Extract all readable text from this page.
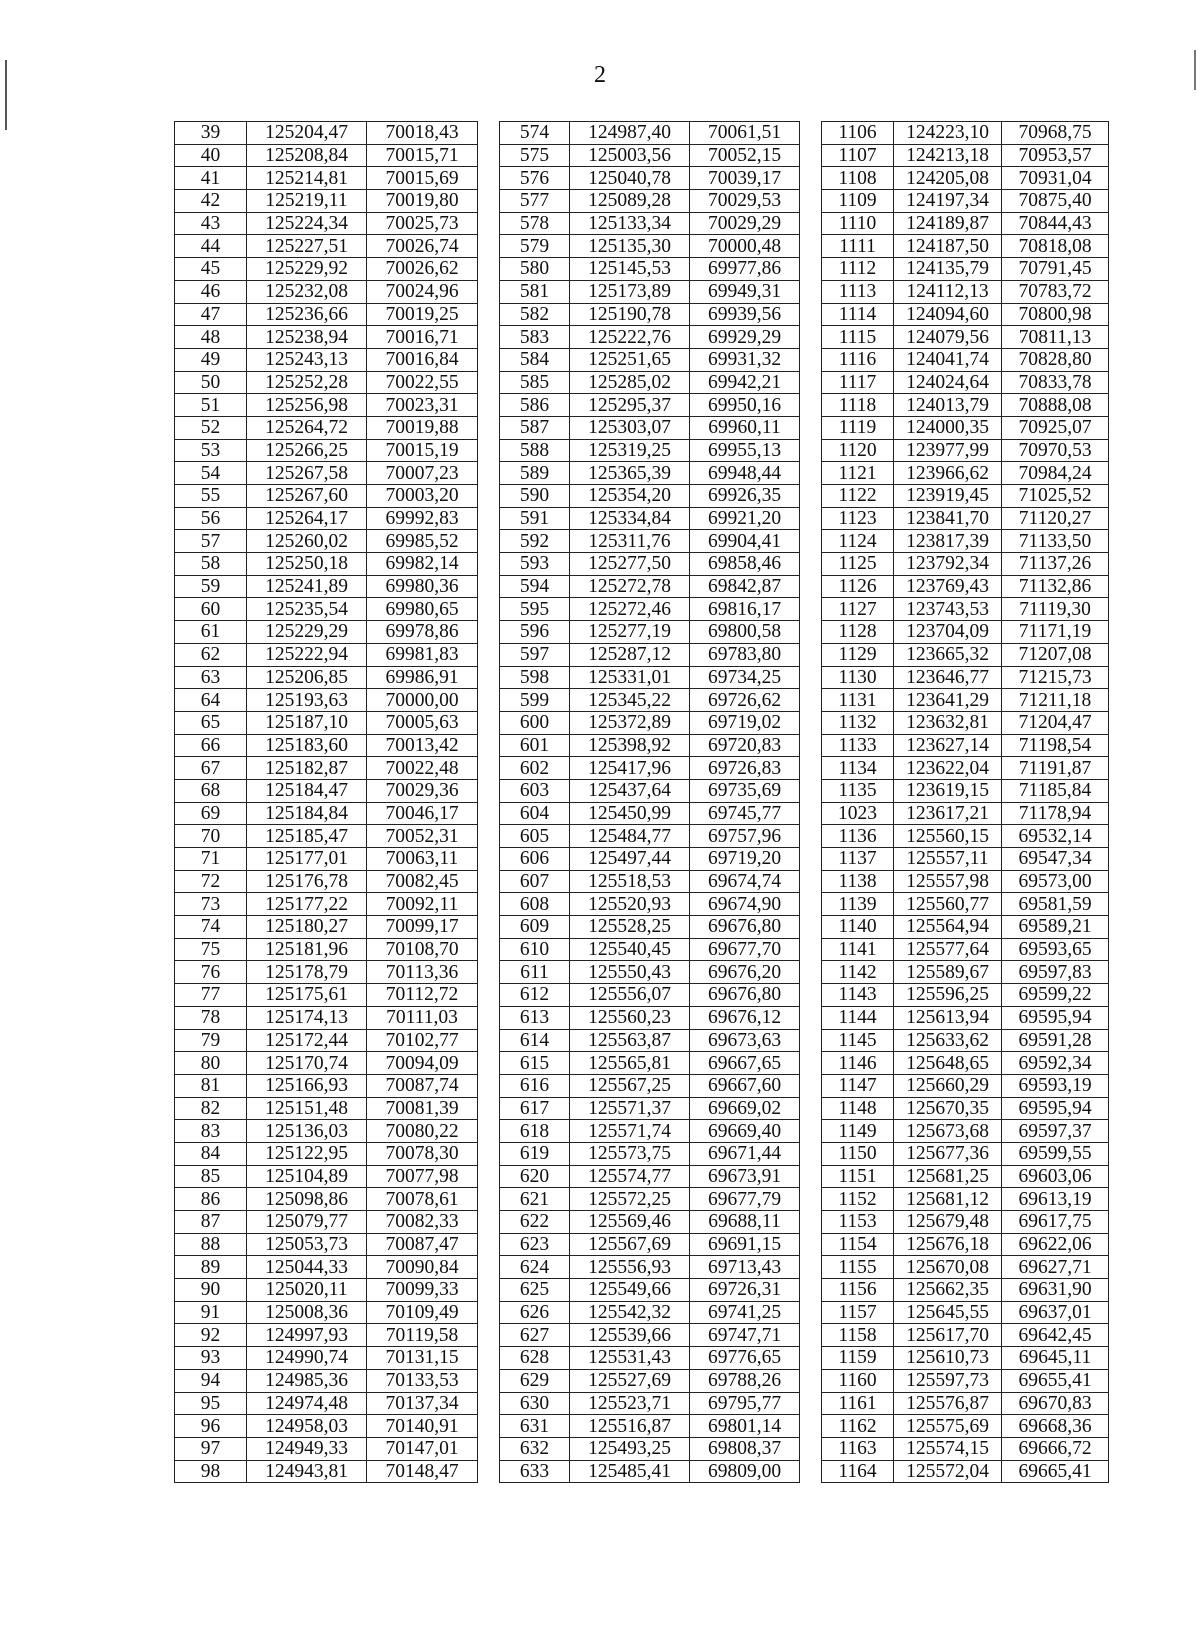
2
39	125204,47	70018,43		574	124987,40	70061,51		1106	124223,10	70968,75
40	125208,84	70015,71		575	125003,56	70052,15		1107	124213,18	70953,57
41	125214,81	70015,69		576	125040,78	70039,17		1108	124205,08	70931,04
42	125219,11	70019,80		577	125089,28	70029,53		1109	124197,34	70875,40
43	125224,34	70025,73		578	125133,34	70029,29		1110	124189,87	70844,43
44	125227,51	70026,74		579	125135,30	70000,48		1111	124187,50	70818,08
45	125229,92	70026,62		580	125145,53	69977,86		1112	124135,79	70791,45
46	125232,08	70024,96		581	125173,89	69949,31		1113	124112,13	70783,72
47	125236,66	70019,25		582	125190,78	69939,56		1114	124094,60	70800,98
48	125238,94	70016,71		583	125222,76	69929,29		1115	124079,56	70811,13
49	125243,13	70016,84		584	125251,65	69931,32		1116	124041,74	70828,80
50	125252,28	70022,55		585	125285,02	69942,21		1117	124024,64	70833,78
51	125256,98	70023,31		586	125295,37	69950,16		1118	124013,79	70888,08
52	125264,72	70019,88		587	125303,07	69960,11		1119	124000,35	70925,07
53	125266,25	70015,19		588	125319,25	69955,13		1120	123977,99	70970,53
54	125267,58	70007,23		589	125365,39	69948,44		1121	123966,62	70984,24
55	125267,60	70003,20		590	125354,20	69926,35		1122	123919,45	71025,52
56	125264,17	69992,83		591	125334,84	69921,20		1123	123841,70	71120,27
57	125260,02	69985,52		592	125311,76	69904,41		1124	123817,39	71133,50
58	125250,18	69982,14		593	125277,50	69858,46		1125	123792,34	71137,26
59	125241,89	69980,36		594	125272,78	69842,87		1126	123769,43	71132,86
60	125235,54	69980,65		595	125272,46	69816,17		1127	123743,53	71119,30
61	125229,29	69978,86		596	125277,19	69800,58		1128	123704,09	71171,19
62	125222,94	69981,83		597	125287,12	69783,80		1129	123665,32	71207,08
63	125206,85	69986,91		598	125331,01	69734,25		1130	123646,77	71215,73
64	125193,63	70000,00		599	125345,22	69726,62		1131	123641,29	71211,18
65	125187,10	70005,63		600	125372,89	69719,02		1132	123632,81	71204,47
66	125183,60	70013,42		601	125398,92	69720,83		1133	123627,14	71198,54
67	125182,87	70022,48		602	125417,96	69726,83		1134	123622,04	71191,87
68	125184,47	70029,36		603	125437,64	69735,69		1135	123619,15	71185,84
69	125184,84	70046,17		604	125450,99	69745,77		1023	123617,21	71178,94
70	125185,47	70052,31		605	125484,77	69757,96		1136	125560,15	69532,14
71	125177,01	70063,11		606	125497,44	69719,20		1137	125557,11	69547,34
72	125176,78	70082,45		607	125518,53	69674,74		1138	125557,98	69573,00
73	125177,22	70092,11		608	125520,93	69674,90		1139	125560,77	69581,59
74	125180,27	70099,17		609	125528,25	69676,80		1140	125564,94	69589,21
75	125181,96	70108,70		610	125540,45	69677,70		1141	125577,64	69593,65
76	125178,79	70113,36		611	125550,43	69676,20		1142	125589,67	69597,83
77	125175,61	70112,72		612	125556,07	69676,80		1143	125596,25	69599,22
78	125174,13	70111,03		613	125560,23	69676,12		1144	125613,94	69595,94
79	125172,44	70102,77		614	125563,87	69673,63		1145	125633,62	69591,28
80	125170,74	70094,09		615	125565,81	69667,65		1146	125648,65	69592,34
81	125166,93	70087,74		616	125567,25	69667,60		1147	125660,29	69593,19
82	125151,48	70081,39		617	125571,37	69669,02		1148	125670,35	69595,94
83	125136,03	70080,22		618	125571,74	69669,40		1149	125673,68	69597,37
84	125122,95	70078,30		619	125573,75	69671,44		1150	125677,36	69599,55
85	125104,89	70077,98		620	125574,77	69673,91		1151	125681,25	69603,06
86	125098,86	70078,61		621	125572,25	69677,79		1152	125681,12	69613,19
87	125079,77	70082,33		622	125569,46	69688,11		1153	125679,48	69617,75
88	125053,73	70087,47		623	125567,69	69691,15		1154	125676,18	69622,06
89	125044,33	70090,84		624	125556,93	69713,43		1155	125670,08	69627,71
90	125020,11	70099,33		625	125549,66	69726,31		1156	125662,35	69631,90
91	125008,36	70109,49		626	125542,32	69741,25		1157	125645,55	69637,01
92	124997,93	70119,58		627	125539,66	69747,71		1158	125617,70	69642,45
93	124990,74	70131,15		628	125531,43	69776,65		1159	125610,73	69645,11
94	124985,36	70133,53		629	125527,69	69788,26		1160	125597,73	69655,41
95	124974,48	70137,34		630	125523,71	69795,77		1161	125576,87	69670,83
96	124958,03	70140,91		631	125516,87	69801,14		1162	125575,69	69668,36
97	124949,33	70147,01		632	125493,25	69808,37		1163	125574,15	69666,72
98	124943,81	70148,47		633	125485,41	69809,00		1164	125572,04	69665,41
